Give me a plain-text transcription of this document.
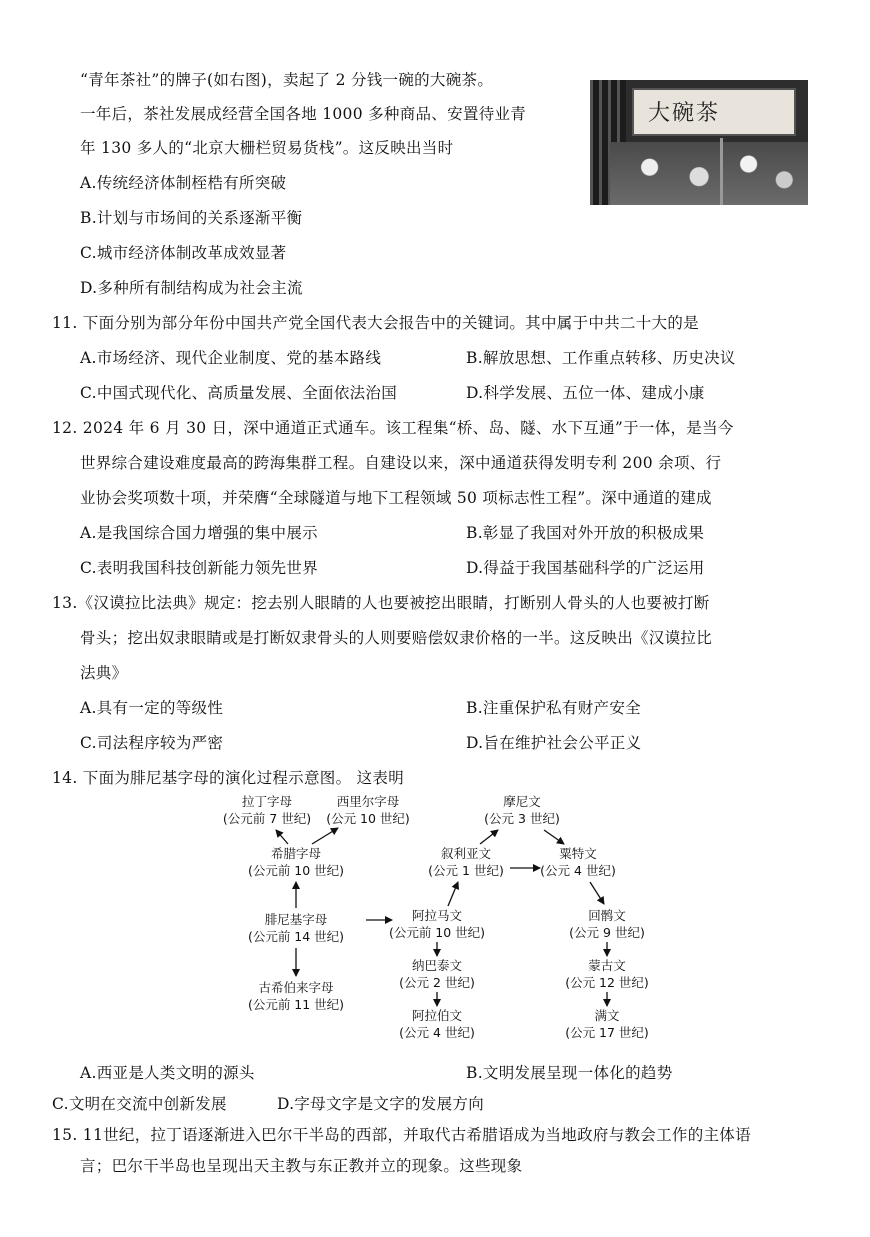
“青年茶社”的牌子(如右图)，卖起了 2 分钱一碗的大碗茶。
一年后，茶社发展成经营全国各地 1000 多种商品、安置待业青
年 130 多人的“北京大栅栏贸易货栈”。这反映出当时
大碗茶
A.传统经济体制桎梏有所突破
B.计划与市场间的关系逐渐平衡
C.城市经济体制改革成效显著
D.多种所有制结构成为社会主流
11. 下面分别为部分年份中国共产党全国代表大会报告中的关键词。其中属于中共二十大的是
A.市场经济、现代企业制度、党的基本路线	B.解放思想、工作重点转移、历史决议
C.中国式现代化、高质量发展、全面依法治国	D.科学发展、五位一体、建成小康
12. 2024 年 6 月 30 日，深中通道正式通车。该工程集“桥、岛、隧、水下互通”于一体，是当今
世界综合建设难度最高的跨海集群工程。自建设以来，深中通道获得发明专利 200 余项、行
业协会奖项数十项，并荣膺“全球隧道与地下工程领域 50 项标志性工程”。深中通道的建成
A.是我国综合国力增强的集中展示	B.彰显了我国对外开放的积极成果
C.表明我国科技创新能力领先世界	D.得益于我国基础科学的广泛运用
13.《汉谟拉比法典》规定：挖去别人眼睛的人也要被挖出眼睛，打断别人骨头的人也要被打断
骨头；挖出奴隶眼睛或是打断奴隶骨头的人则要赔偿奴隶价格的一半。这反映出《汉谟拉比
法典》
A.具有一定的等级性	B.注重保护私有财产安全
C.司法程序较为严密	D.旨在维护社会公平正义
14. 下面为腓尼基字母的演化过程示意图。 这表明
拉丁字母
(公元前 7 世纪)
西里尔字母
(公元 10 世纪)
希腊字母
(公元前 10 世纪)
腓尼基字母
(公元前 14 世纪)
古希伯来字母
(公元前 11 世纪)
摩尼文
(公元 3 世纪)
叙利亚文
(公元 1 世纪)
阿拉马文
(公元前 10 世纪)
纳巴泰文
(公元 2 世纪)
阿拉伯文
(公元 4 世纪)
粟特文
(公元 4 世纪)
回鹘文
(公元 9 世纪)
蒙古文
(公元 12 世纪)
满文
(公元 17 世纪)
A.西亚是人类文明的源头	B.文明发展呈现一体化的趋势
C.文明在交流中创新发展	D.字母文字是文字的发展方向
15. 11世纪，拉丁语逐渐进入巴尔干半岛的西部，并取代古希腊语成为当地政府与教会工作的主体语
言；巴尔干半岛也呈现出天主教与东正教并立的现象。这些现象
